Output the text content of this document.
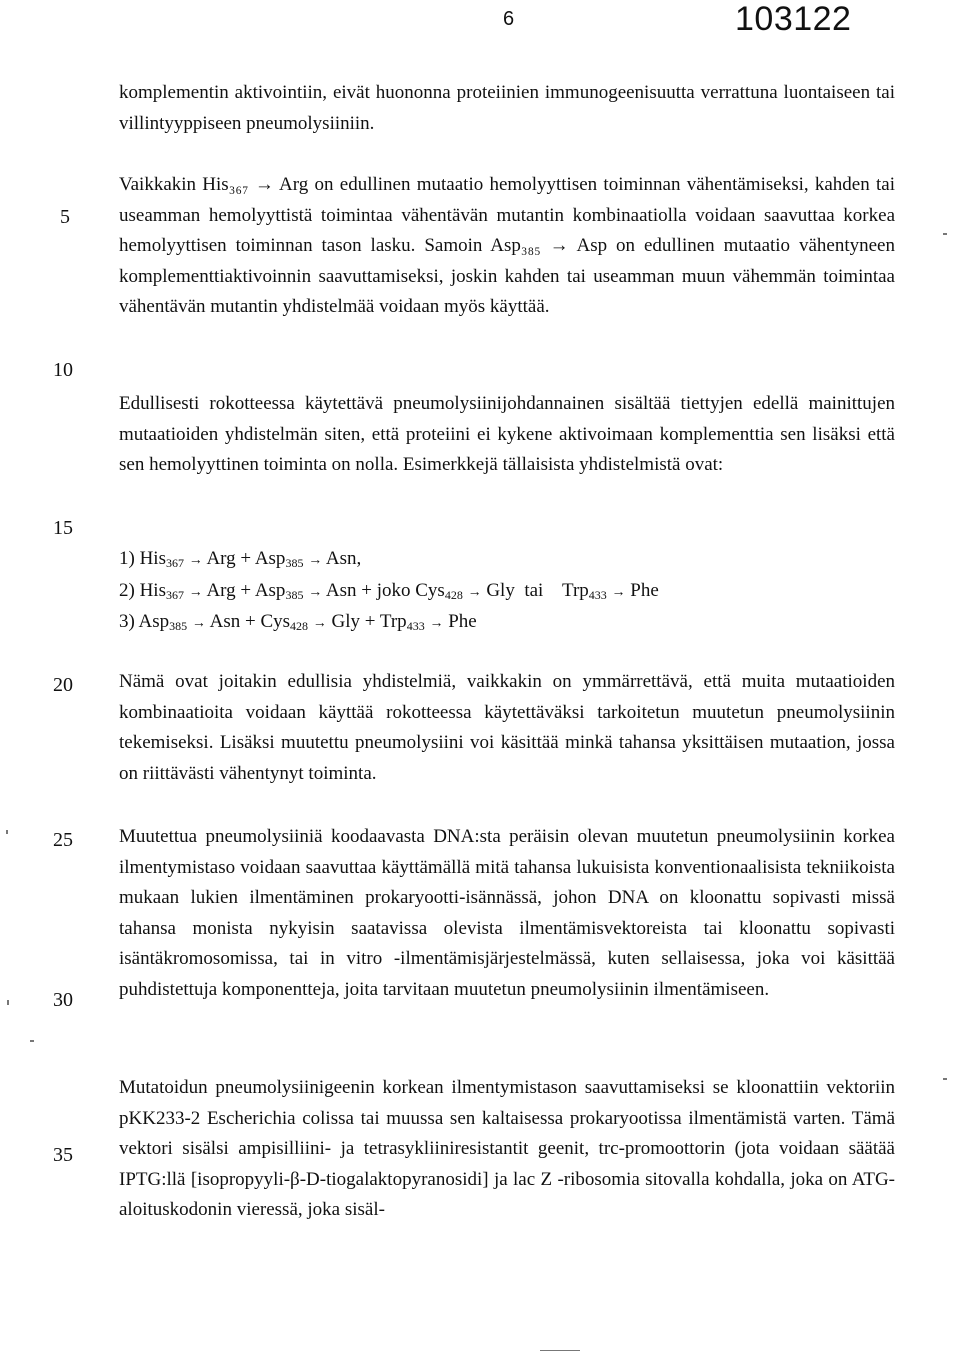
6	103122
5
10
15
20
25
30
35

komplementin aktivointiin, eivät huononna proteiinien immunogeenisuutta verrattuna luontaiseen tai villintyyppiseen pneumolysiiniin.

Vaikkakin His₃₆₇ → Arg on edullinen mutaatio hemolyyttisen toiminnan vähentämiseksi, kahden tai useamman hemolyyttistä toimintaa vähentävän mutantin kombinaatiolla voidaan saavuttaa korkea hemolyyttisen toiminnan tason lasku. Samoin Asp₃₈₅ → Asp on edullinen mutaatio vähentyneen komplementtiaktivoinnin saavuttamiseksi, joskin kahden tai useamman muun vähemmän toimintaa vähentävän mutantin yhdistelmää voidaan myös käyttää.

Edullisesti rokotteessa käytettävä pneumolysiinijohdannainen sisältää tiettyjen edellä mainittujen mutaatioiden yhdistelmän siten, että proteiini ei kykene aktivoimaan komplementtia sen lisäksi että sen hemolyyttinen toiminta on nolla. Esimerkkejä tällaisista yhdistelmistä ovat:

1) His367 → Arg + Asp385 → Asn,
2) His367 → Arg + Asp385 → Asn + joko Cys428 → Gly tai Trp433 → Phe
3) Asp385 → Asn + Cys428 → Gly + Trp433 → Phe

Nämä ovat joitakin edullisia yhdistelmiä, vaikkakin on ymmärrettävä, että muita mutaatioiden kombinaatioita voidaan käyttää rokotteessa käytettäväksi tarkoitetun muutetun pneumolysiinin tekemiseksi. Lisäksi muutettu pneumolysiini voi käsittää minkä tahansa yksittäisen mutaation, jossa on riittävästi vähentynyt toiminta.

Muutettua pneumolysiiniä koodaavasta DNA:sta peräisin olevan muutetun pneumolysiinin korkea ilmentymistaso voidaan saavuttaa käyttämällä mitä tahansa lukuisista konventionaalisista tekniikoista mukaan lukien ilmentäminen prokaryootti-isännässä, johon DNA on kloonattu sopivasti missä tahansa monista nykyisin saatavissa olevista ilmentämisvektoreista tai kloonattu sopivasti isäntäkromosomissa, tai in vitro -ilmentämisjärjestelmässä, kuten sellaisessa, joka voi käsittää puhdistettuja komponentteja, joita tarvitaan muutetun pneumolysiinin ilmentämiseen.

Mutatoidun pneumolysiinigeenin korkean ilmentymistason saavuttamiseksi se kloonattiin vektoriin pKK233-2 Escherichia colissa tai muussa sen kaltaisessa prokaryootissa ilmentämistä varten. Tämä vektori sisälsi ampisilliini- ja tetrasykliiniresistantit geenit, trc-promoottorin (jota voidaan säätää IPTG:llä [isopropyyli-β-D-tiogalaktopyranosidi] ja lac Z -ribosomia sitovalla kohdalla, joka on ATG-aloituskodonin vieressä, joka sisäl-
